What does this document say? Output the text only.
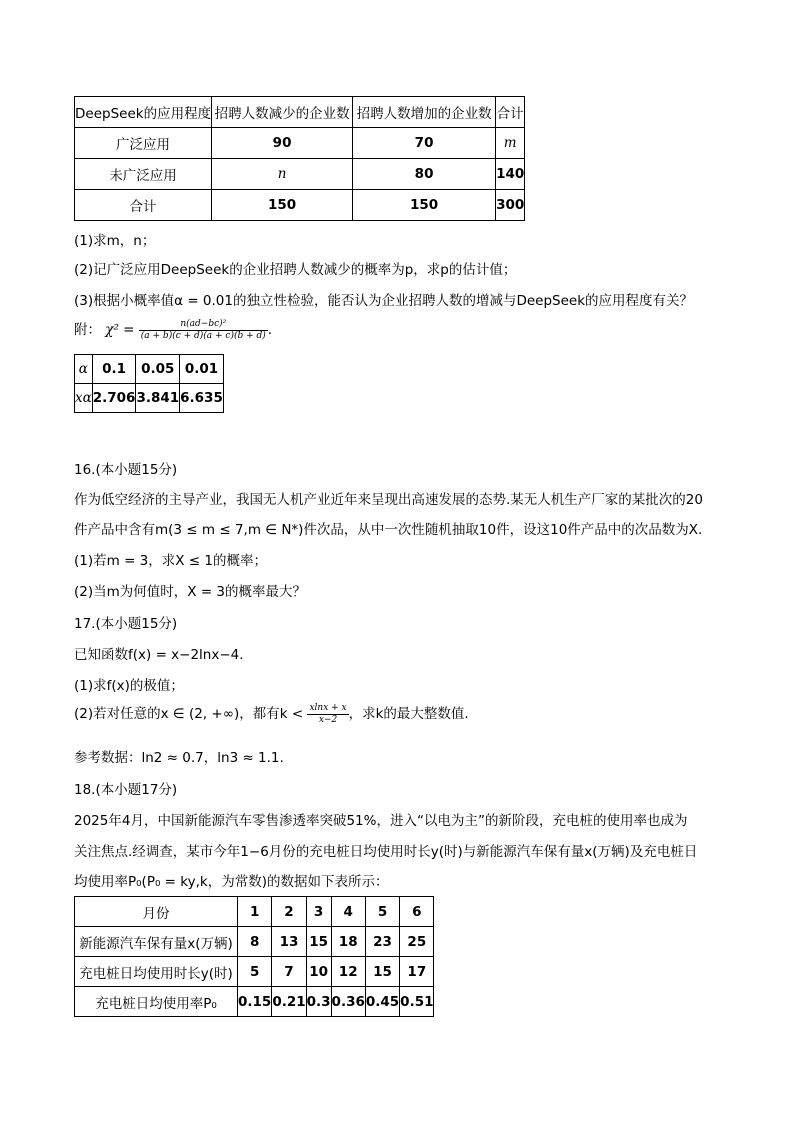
DeepSeek的应用程度	招聘人数减少的企业数	招聘人数增加的企业数	合计
广泛应用	90	70	m
未广泛应用	n	80	140
合计	150	150	300
(1)求m，n；
(2)记广泛应用DeepSeek的企业招聘人数减少的概率为p，求p的估计值；
(3)根据小概率值α = 0.01的独立性检验，能否认为企业招聘人数的增减与DeepSeek的应用程度有关？
附： $\chi^2 = \frac{\text{n(ad−bc)²}}{(a + b)(c + d)(a + c)(b + d)}$ .
α	0.1	0.05	0.01
xα	2.706	3.841	6.635
16.(本小题15分)
作为低空经济的主导产业，我国无人机产业近年来呈现出高速发展的态势.某无人机生产厂家的某批次的20
件产品中含有m(3 ≤ m ≤ 7,m ∈ N*)件次品，从中一次性随机抽取10件，设这10件产品中的次品数为X.
(1)若m = 3，求X ≤ 1的概率；
(2)当m为何值时，X = 3的概率最大？
17.(本小题15分)
已知函数f(x) = x−2lnx−4.
(1)求f(x)的极值；
(2)若对任意的x ∈ (2, +∞)，都有$k < \frac{xlnx + x}{x-2}$ ，求k的最大整数值.
参考数据：ln2 ≈ 0.7，ln3 ≈ 1.1.
18.(本小题17分)
2025年4月，中国新能源汽车零售渗透率突破51%，进入“以电为主”的新阶段，充电桩的使用率也成为
关注焦点.经调查，某市今年1−6月份的充电桩日均使用时长y(时)与新能源汽车保有量x(万辆)及充电桩日
均使用率P₀(P₀ = ky,k，为常数)的数据如下表所示：
月份	1	2	3	4	5	6
新能源汽车保有量x(万辆)	8	13	15	18	23	25
充电桩日均使用时长y(时)	5	7	10	12	15	17
充电桩日均使用率P₀	0.15	0.21	0.3	0.36	0.45	0.51
